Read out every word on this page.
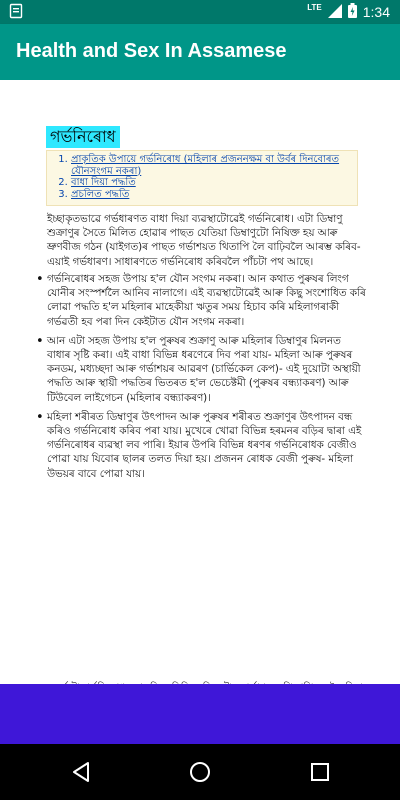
LTE	1:34
Health and Sex In Assamese
গৰ্ভনিৰোধ
1. প্ৰাকৃতিক উপায়ে গৰ্ভনিৰোধ (মহিলাৰ প্ৰজননক্ষম বা উৰ্বৰ দিনবোৰত যৌনসংগম নকৰা)
2. বাধা দিয়া পদ্ধতি
3. প্ৰচলিত পদ্ধতি
ইচ্ছাকৃতভাৱে গৰ্ভধাৰণত বাধা দিয়া ব্যৱস্থাটোৱেই গৰ্ভনিৰোধ। এটা ডিম্বাণু শুক্ৰাণুৰ সৈতে মিলিত হোৱাৰ পাছত যেতিয়া ডিম্বাণুটো নিষিক্ত হয় আৰু ভ্ৰুণবীজ গঠন (যাইগত)ৰ পাছত গৰ্ভাশয়ত থিতাপি লৈ বাঢ়িবলৈ আৰম্ভ কৰিব- এয়াই গৰ্ভধাৰণ। সাধাৰণতে গৰ্ভনিৰোধ কৰিবলৈ পাঁচটা পথ আছে।
• গৰ্ভনিৰোধৰ সহজ উপায় হ'ল যৌন সংগম নকৰা। আন কথাত পুৰুষৰ লিংগ যোনীৰ সংস্পৰ্শলৈ আনিব নালাগে। এই ব্যৱস্থাটোৱেই আৰু কিছু সংশোধিত কৰি লোৱা পদ্ধতি হ'ল মহিলাৰ মাহেকীয়া ঋতুৰ সময় হিচাব কৰি মহিলাগৰাকী গৰ্ভৱতী হব পৰা দিন কেইটাত যৌন সংগম নকৰা।
• আন এটা সহজ উপায় হ'ল পুৰুষৰ শুক্ৰাণু আৰু মহিলাৰ ডিম্বাণুৰ মিলনত বাধাৰ সৃষ্টি কৰা। এই বাধা বিভিন্ন ধৰণেৰে দিব পৰা যায়- মহিলা আৰু পুৰুষৰ কনডম, মধ্যচ্ছদা আৰু গৰ্ভাশয়ৰ আৱৰণ (চাৰ্ভিকেল কেপ)- এই দুয়োটা অস্থায়ী পদ্ধতি আৰু স্থায়ী পদ্ধতিৰ ভিতৰত হ'ল ভেচেক্টমী (পুৰুষৰ বন্ধ্যাকৰণ) আৰু টিউবেল লাইগেচন (মহিলাৰ বন্ধ্যাকৰণ)।
• মহিলা শৰীৰত ডিম্বাণুৰ উৎপাদন আৰু পুৰুষৰ শৰীৰত শুক্ৰাণুৰ উৎপাদন বন্ধ কৰিও গৰ্ভনিৰোধ কৰিব পৰা যায়। মুখেৰে খোৱা বিভিন্ন হৰমনৰ বড়িৰ দ্বাৰা এই গৰ্ভনিৰোধৰ ব্যৱস্থা লব পাৰি। ইয়াৰ উপৰি বিভিন্ন ধৰণৰ গৰ্ভনিৰোধক বেজীও পোৱা যায় যিবোৰ ছালৰ তলত দিয়া হয়। প্ৰজনন ৰোধক বেজী পুৰুষ- মহিলা উভয়ৰ বাবে পোৱা যায়।
•
